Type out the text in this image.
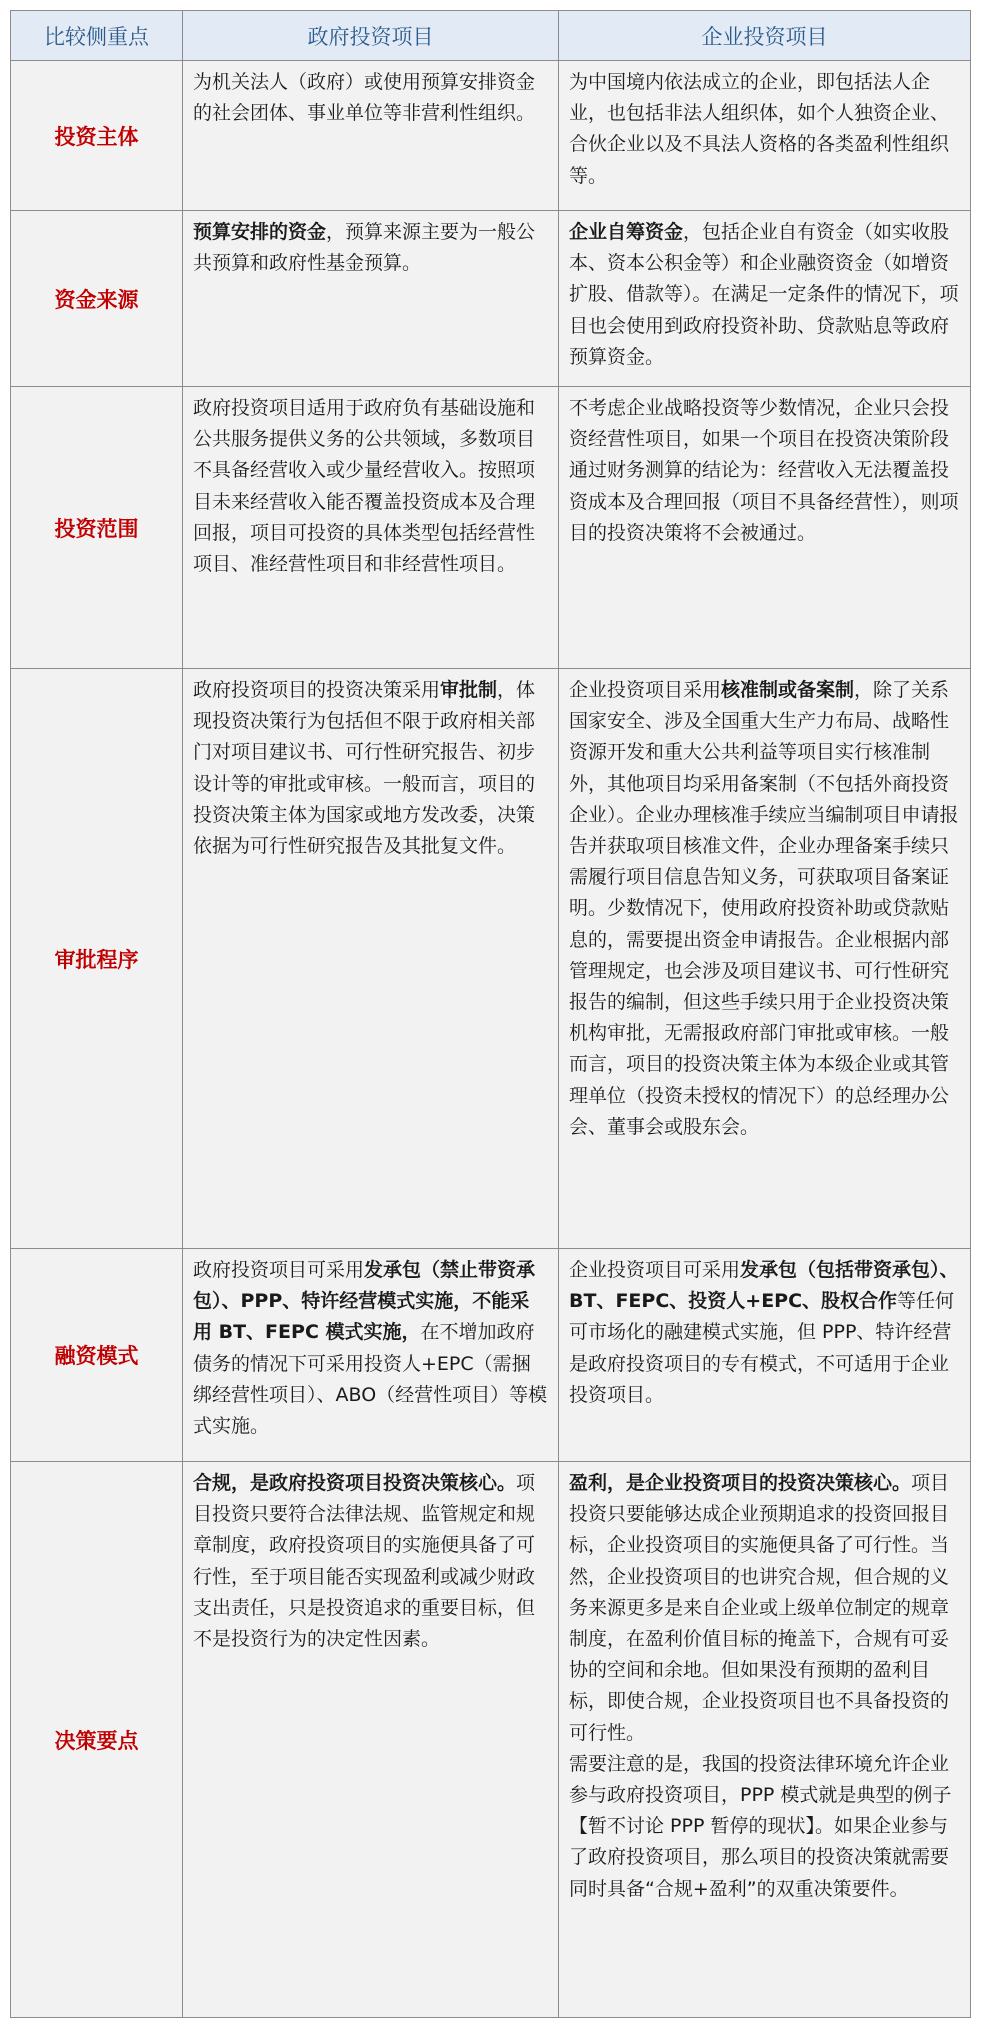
比较侧重点	政府投资项目	企业投资项目
投资主体	为机关法人（政府）或使用预算安排资金的社会团体、事业单位等非营利性组织。	为中国境内依法成立的企业，即包括法人企业，也包括非法人组织体，如个人独资企业、合伙企业以及不具法人资格的各类盈利性组织等。

资金来源	预算安排的资金，预算来源主要为一般公共预算和政府性基金预算。	企业自筹资金，包括企业自有资金（如实收股本、资本公积金等）和企业融资资金（如增资扩股、借款等）。在满足一定条件的情况下，项目也会使用到政府投资补助、贷款贴息等政府预算资金。

投资范围	政府投资项目适用于政府负有基础设施和公共服务提供义务的公共领域，多数项目不具备经营收入或少量经营收入。按照项目未来经营收入能否覆盖投资成本及合理回报，项目可投资的具体类型包括经营性项目、准经营性项目和非经营性项目。	不考虑企业战略投资等少数情况，企业只会投资经营性项目，如果一个项目在投资决策阶段通过财务测算的结论为：经营收入无法覆盖投资成本及合理回报（项目不具备经营性），则项目的投资决策将不会被通过。

审批程序	政府投资项目的投资决策采用审批制，体现投资决策行为包括但不限于政府相关部门对项目建议书、可行性研究报告、初步设计等的审批或审核。一般而言，项目的投资决策主体为国家或地方发改委，决策依据为可行性研究报告及其批复文件。	企业投资项目采用核准制或备案制，除了关系国家安全、涉及全国重大生产力布局、战略性资源开发和重大公共利益等项目实行核准制外，其他项目均采用备案制（不包括外商投资企业）。企业办理核准手续应当编制项目申请报告并获取项目核准文件，企业办理备案手续只需履行项目信息告知义务，可获取项目备案证明。少数情况下，使用政府投资补助或贷款贴息的，需要提出资金申请报告。企业根据内部管理规定，也会涉及项目建议书、可行性研究报告的编制，但这些手续只用于企业投资决策机构审批，无需报政府部门审批或审核。一般而言，项目的投资决策主体为本级企业或其管理单位（投资未授权的情况下）的总经理办公会、董事会或股东会。

融资模式	政府投资项目可采用发承包（禁止带资承包）、PPP、特许经营模式实施，不能采用 BT、FEPC 模式实施，在不增加政府债务的情况下可采用投资人+EPC（需捆绑经营性项目）、ABO（经营性项目）等模式实施。	企业投资项目可采用发承包（包括带资承包）、BT、FEPC、投资人+EPC、股权合作等任何可市场化的融建模式实施，但 PPP、特许经营是政府投资项目的专有模式，不可适用于企业投资项目。

决策要点	合规，是政府投资项目投资决策核心。项目投资只要符合法律法规、监管规定和规章制度，政府投资项目的实施便具备了可行性，至于项目能否实现盈利或减少财政支出责任，只是投资追求的重要目标，但不是投资行为的决定性因素。	盈利，是企业投资项目的投资决策核心。项目投资只要能够达成企业预期追求的投资回报目标，企业投资项目的实施便具备了可行性。当然，企业投资项目的也讲究合规，但合规的义务来源更多是来自企业或上级单位制定的规章制度，在盈利价值目标的掩盖下，合规有可妥协的空间和余地。但如果没有预期的盈利目标，即使合规，企业投资项目也不具备投资的可行性。

需要注意的是，我国的投资法律环境允许企业参与政府投资项目，PPP 模式就是典型的例子【暂不讨论 PPP 暂停的现状】。如果企业参与了政府投资项目，那么项目的投资决策就需要同时具备“合规+盈利”的双重决策要件。
